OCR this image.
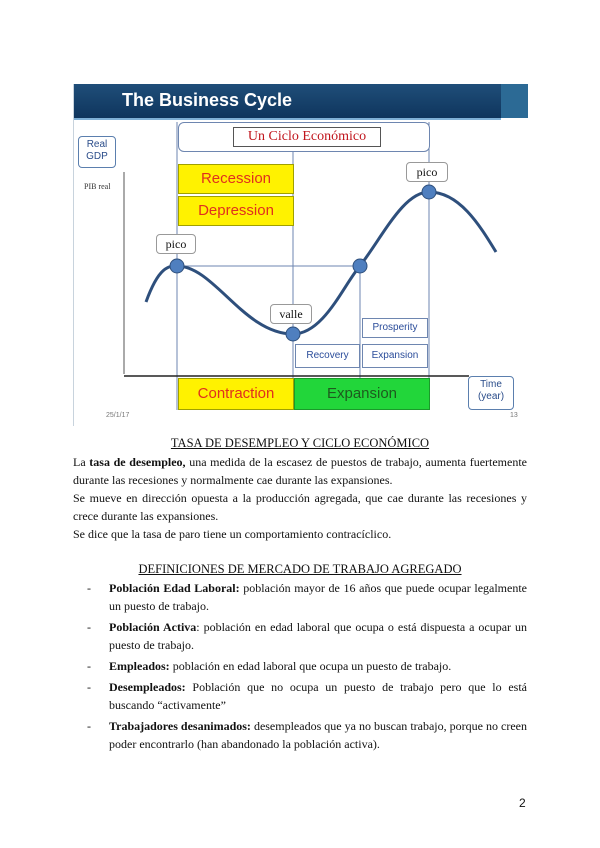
The Business Cycle
Un Ciclo Económico
Real GDP
PIB real	Recession
Depression
pico
pico
valle
Prosperity
Recovery	Expansion
Contraction	Expansion
Time (year)
25/1/17	13
TASA DE DESEMPLEO Y CICLO ECONÓMICO
La tasa de desempleo, una medida de la escasez de puestos de trabajo, aumenta fuertemente durante las recesiones y normalmente cae durante las expansiones.
Se mueve en dirección opuesta a la producción agregada, que cae durante las recesiones y crece durante las expansiones.
Se dice que la tasa de paro tiene un comportamiento contracíclico.
DEFINICIONES DE MERCADO DE TRABAJO AGREGADO
- Población Edad Laboral: población mayor de 16 años que puede ocupar legalmente un puesto de trabajo.
- Población Activa: población en edad laboral que ocupa o está dispuesta a ocupar un puesto de trabajo.
- Empleados: población en edad laboral que ocupa un puesto de trabajo.
- Desempleados: Población que no ocupa un puesto de trabajo pero que lo está buscando “activamente”
- Trabajadores desanimados: desempleados que ya no buscan trabajo, porque no creen poder encontrarlo (han abandonado la población activa).
2
